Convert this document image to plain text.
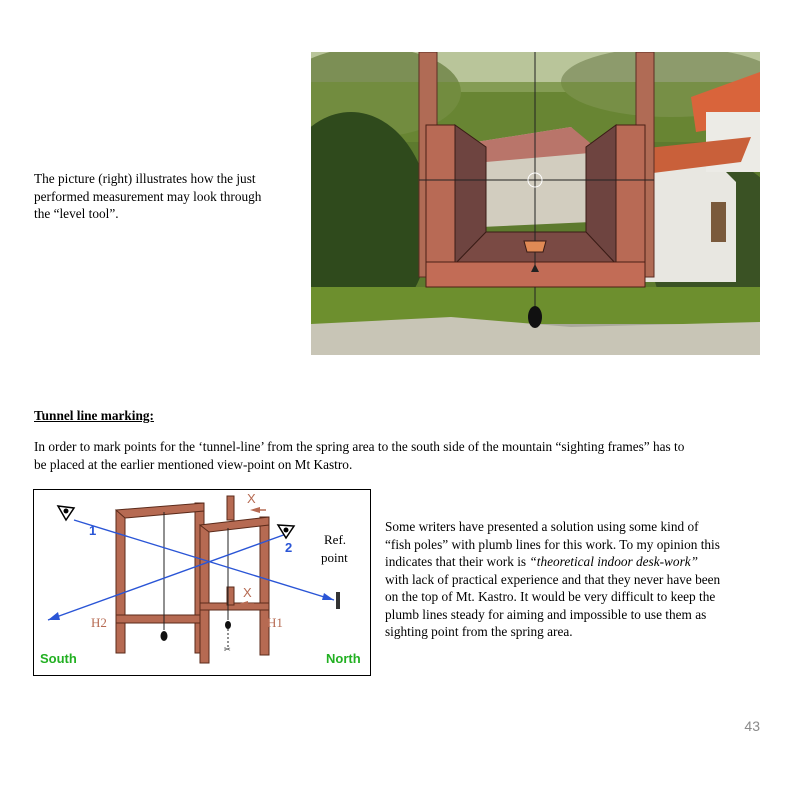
The picture (right) illustrates how the just

performed measurement may look through

the “level tool”.

Tunnel line marking:

In order to mark points for the ‘tunnel-line’ from the spring area to the south side of the mountain “sighting frames” has to

be placed at the earlier mentioned view-point on Mt Kastro.

✂
1
2
X
X
H2	H1
Ref.
point
South	North

Some writers have presented a solution using some kind of

“fish poles” with plumb lines for this work. To my opinion this

indicates that their work is “theoretical indoor desk-work”

with lack of practical experience and that they never have been

on the top of Mt. Kastro. It would be very difficult to keep the

plumb lines steady for aiming and impossible to use them as

sighting point from the spring area.

43
